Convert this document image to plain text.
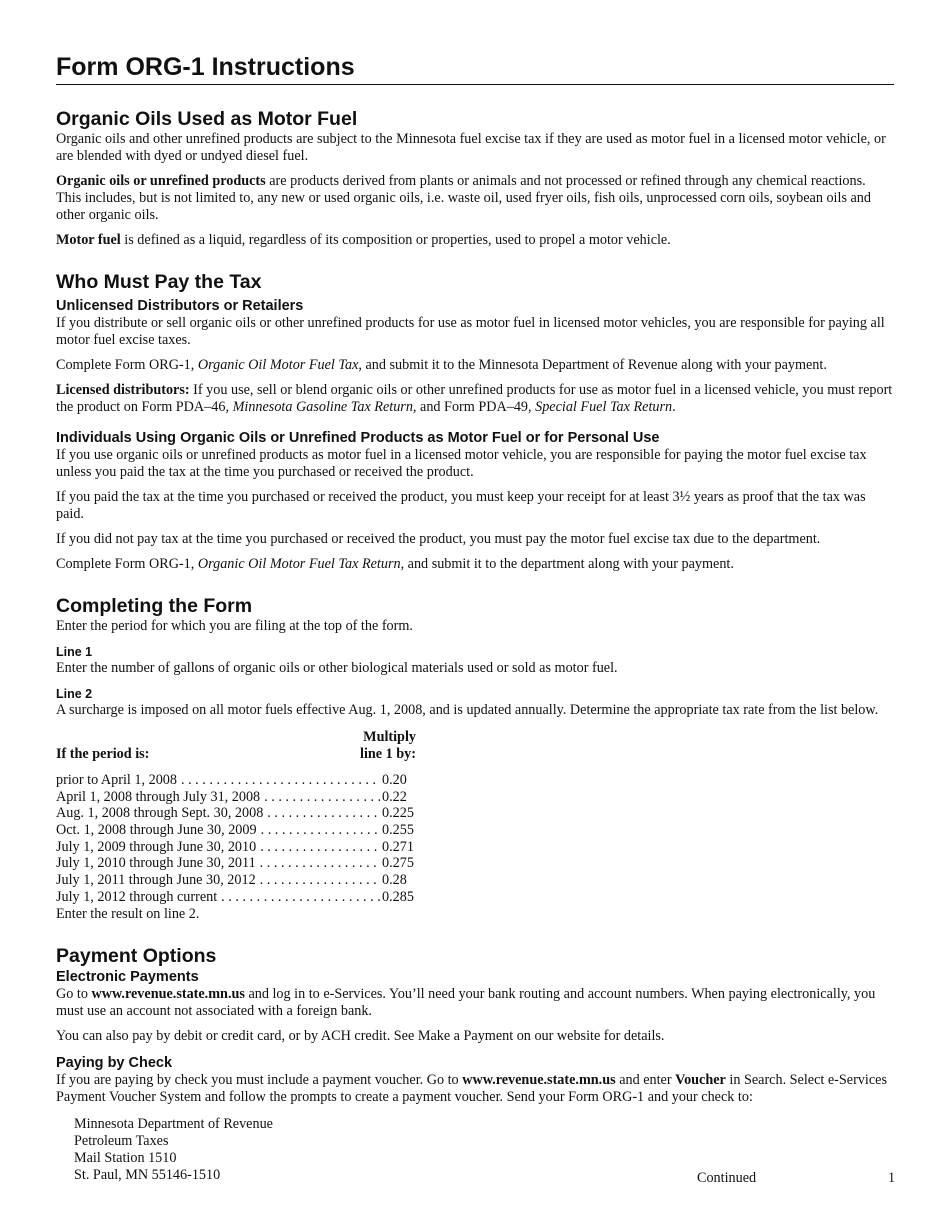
Form ORG-1 Instructions
Organic Oils Used as Motor Fuel

Organic oils and other unrefined products are subject to the Minnesota fuel excise tax if they are used as motor fuel in a licensed motor vehicle, or are blended with dyed or undyed diesel fuel.

Organic oils or unrefined products are products derived from plants or animals and not processed or refined through any chemical reactions. This includes, but is not limited to, any new or used organic oils, i.e. waste oil, used fryer oils, fish oils, unprocessed corn oils, soybean oils and other organic oils.

Motor fuel is defined as a liquid, regardless of its composition or properties, used to propel a motor vehicle.

Who Must Pay the Tax
Unlicensed Distributors or Retailers

If you distribute or sell organic oils or other unrefined products for use as motor fuel in licensed motor vehicles, you are responsible for paying all motor fuel excise taxes.

Complete Form ORG-1, Organic Oil Motor Fuel Tax, and submit it to the Minnesota Department of Revenue along with your payment.

Licensed distributors: If you use, sell or blend organic oils or other unrefined products for use as motor fuel in a licensed vehicle, you must report the product on Form PDA–46, Minnesota Gasoline Tax Return, and Form PDA–49, Special Fuel Tax Return.

Individuals Using Organic Oils or Unrefined Products as Motor Fuel or for Personal Use

If you use organic oils or unrefined products as motor fuel in a licensed motor vehicle, you are responsible for paying the motor fuel excise tax unless you paid the tax at the time you purchased or received the product.

If you paid the tax at the time you purchased or received the product, you must keep your receipt for at least 3½ years as proof that the tax was paid.

If you did not pay tax at the time you purchased or received the product, you must pay the motor fuel excise tax due to the department.

Complete Form ORG-1, Organic Oil Motor Fuel Tax Return, and submit it to the department along with your payment.

Completing the Form

Enter the period for which you are filing at the top of the form.

Line 1

Enter the number of gallons of organic oils or other biological materials used or sold as motor fuel.

Line 2

A surcharge is imposed on all motor fuels effective Aug. 1, 2008, and is updated annually. Determine the appropriate tax rate from the list below.

If the period is:
Multiply
line 1 by:
prior to April 1, 2008 . . .	0.20
April 1, 2008 through July 31, 2008 . . .	0.22
Aug. 1, 2008 through Sept. 30, 2008 . . .	0.225
Oct. 1, 2008 through June 30, 2009 . . .	0.255
July 1, 2009 through June 30, 2010 . . .	0.271
July 1, 2010 through June 30, 2011 . . .	0.275
July 1, 2011 through June 30, 2012 . . .	0.28
July 1, 2012 through current . . .	0.285

Enter the result on line 2.

Payment Options
Electronic Payments

Go to www.revenue.state.mn.us and log in to e-Services. You’ll need your bank routing and account numbers. When paying electronically, you must use an account not associated with a foreign bank.

You can also pay by debit or credit card, or by ACH credit. See Make a Payment on our website for details.

Paying by Check

If you are paying by check you must include a payment voucher. Go to www.revenue.state.mn.us and enter Voucher in Search. Select e-Services Payment Voucher System and follow the prompts to create a payment voucher. Send your Form ORG-1 and your check to:

Minnesota Department of Revenue
Petroleum Taxes
Mail Station 1510
St. Paul, MN 55146-1510	Continued	1
